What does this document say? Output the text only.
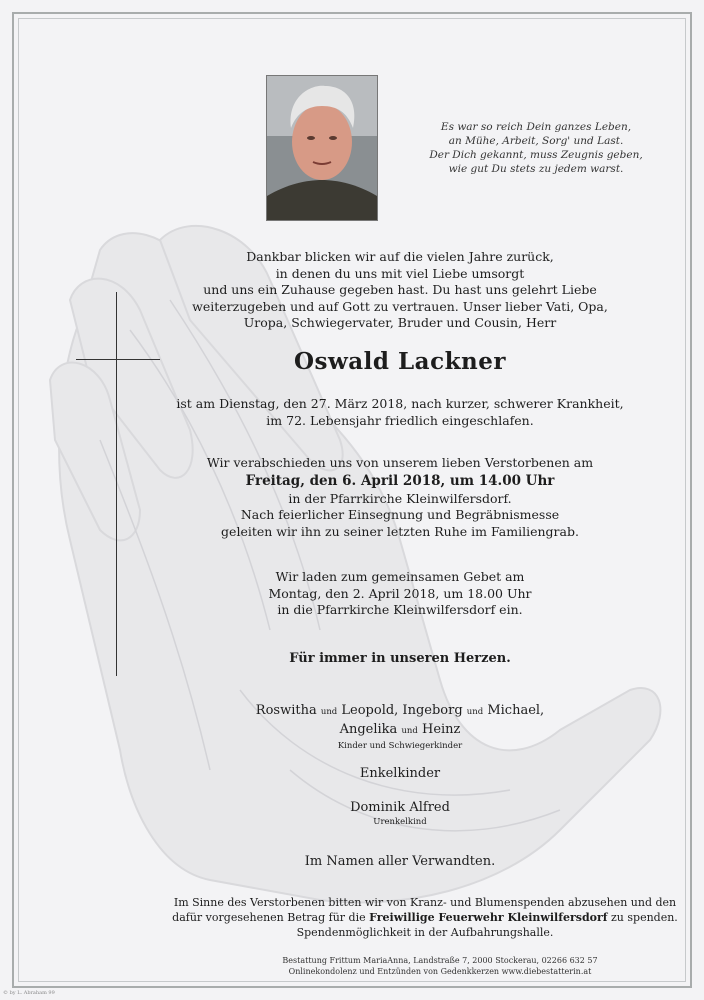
Es war so reich Dein ganzes Leben,
an Mühe, Arbeit, Sorg' und Last.
Der Dich gekannt, muss Zeugnis geben,
wie gut Du stets zu jedem warst.
Dankbar blicken wir auf die vielen Jahre zurück,
in denen du uns mit viel Liebe umsorgt
und uns ein Zuhause gegeben hast. Du hast uns gelehrt Liebe
weiterzugeben und auf Gott zu vertrauen. Unser lieber Vati, Opa,
Uropa, Schwiegervater, Bruder und Cousin, Herr
Oswald Lackner
ist am Dienstag, den 27. März 2018, nach kurzer, schwerer Krankheit,
im 72. Lebensjahr friedlich eingeschlafen.
Wir verabschieden uns von unserem lieben Verstorbenen am
Freitag, den 6. April 2018, um 14.00 Uhr
in der Pfarrkirche Kleinwilfersdorf.
Nach feierlicher Einsegnung und Begräbnismesse
geleiten wir ihn zu seiner letzten Ruhe im Familiengrab.
Wir laden zum gemeinsamen Gebet am
Montag, den 2. April 2018, um 18.00 Uhr
in die Pfarrkirche Kleinwilfersdorf ein.
Für immer in unseren Herzen.
Roswitha und Leopold, Ingeborg und Michael,
Angelika und Heinz
Kinder und Schwiegerkinder
Enkelkinder
Dominik Alfred
Urenkelkind
Im Namen aller Verwandten.
Im Sinne des Verstorbenen bitten wir von Kranz- und Blumenspenden abzusehen und den
dafür vorgesehenen Betrag für die Freiwillige Feuerwehr Kleinwilfersdorf zu spenden.
Spendenmöglichkeit in der Aufbahrungshalle.
Bestattung Frittum MariaAnna, Landstraße 7, 2000 Stockerau, 02266 632 57
Onlinekondolenz und Entzünden von Gedenkkerzen www.diebestatterin.at
© by L. Abraham 99
